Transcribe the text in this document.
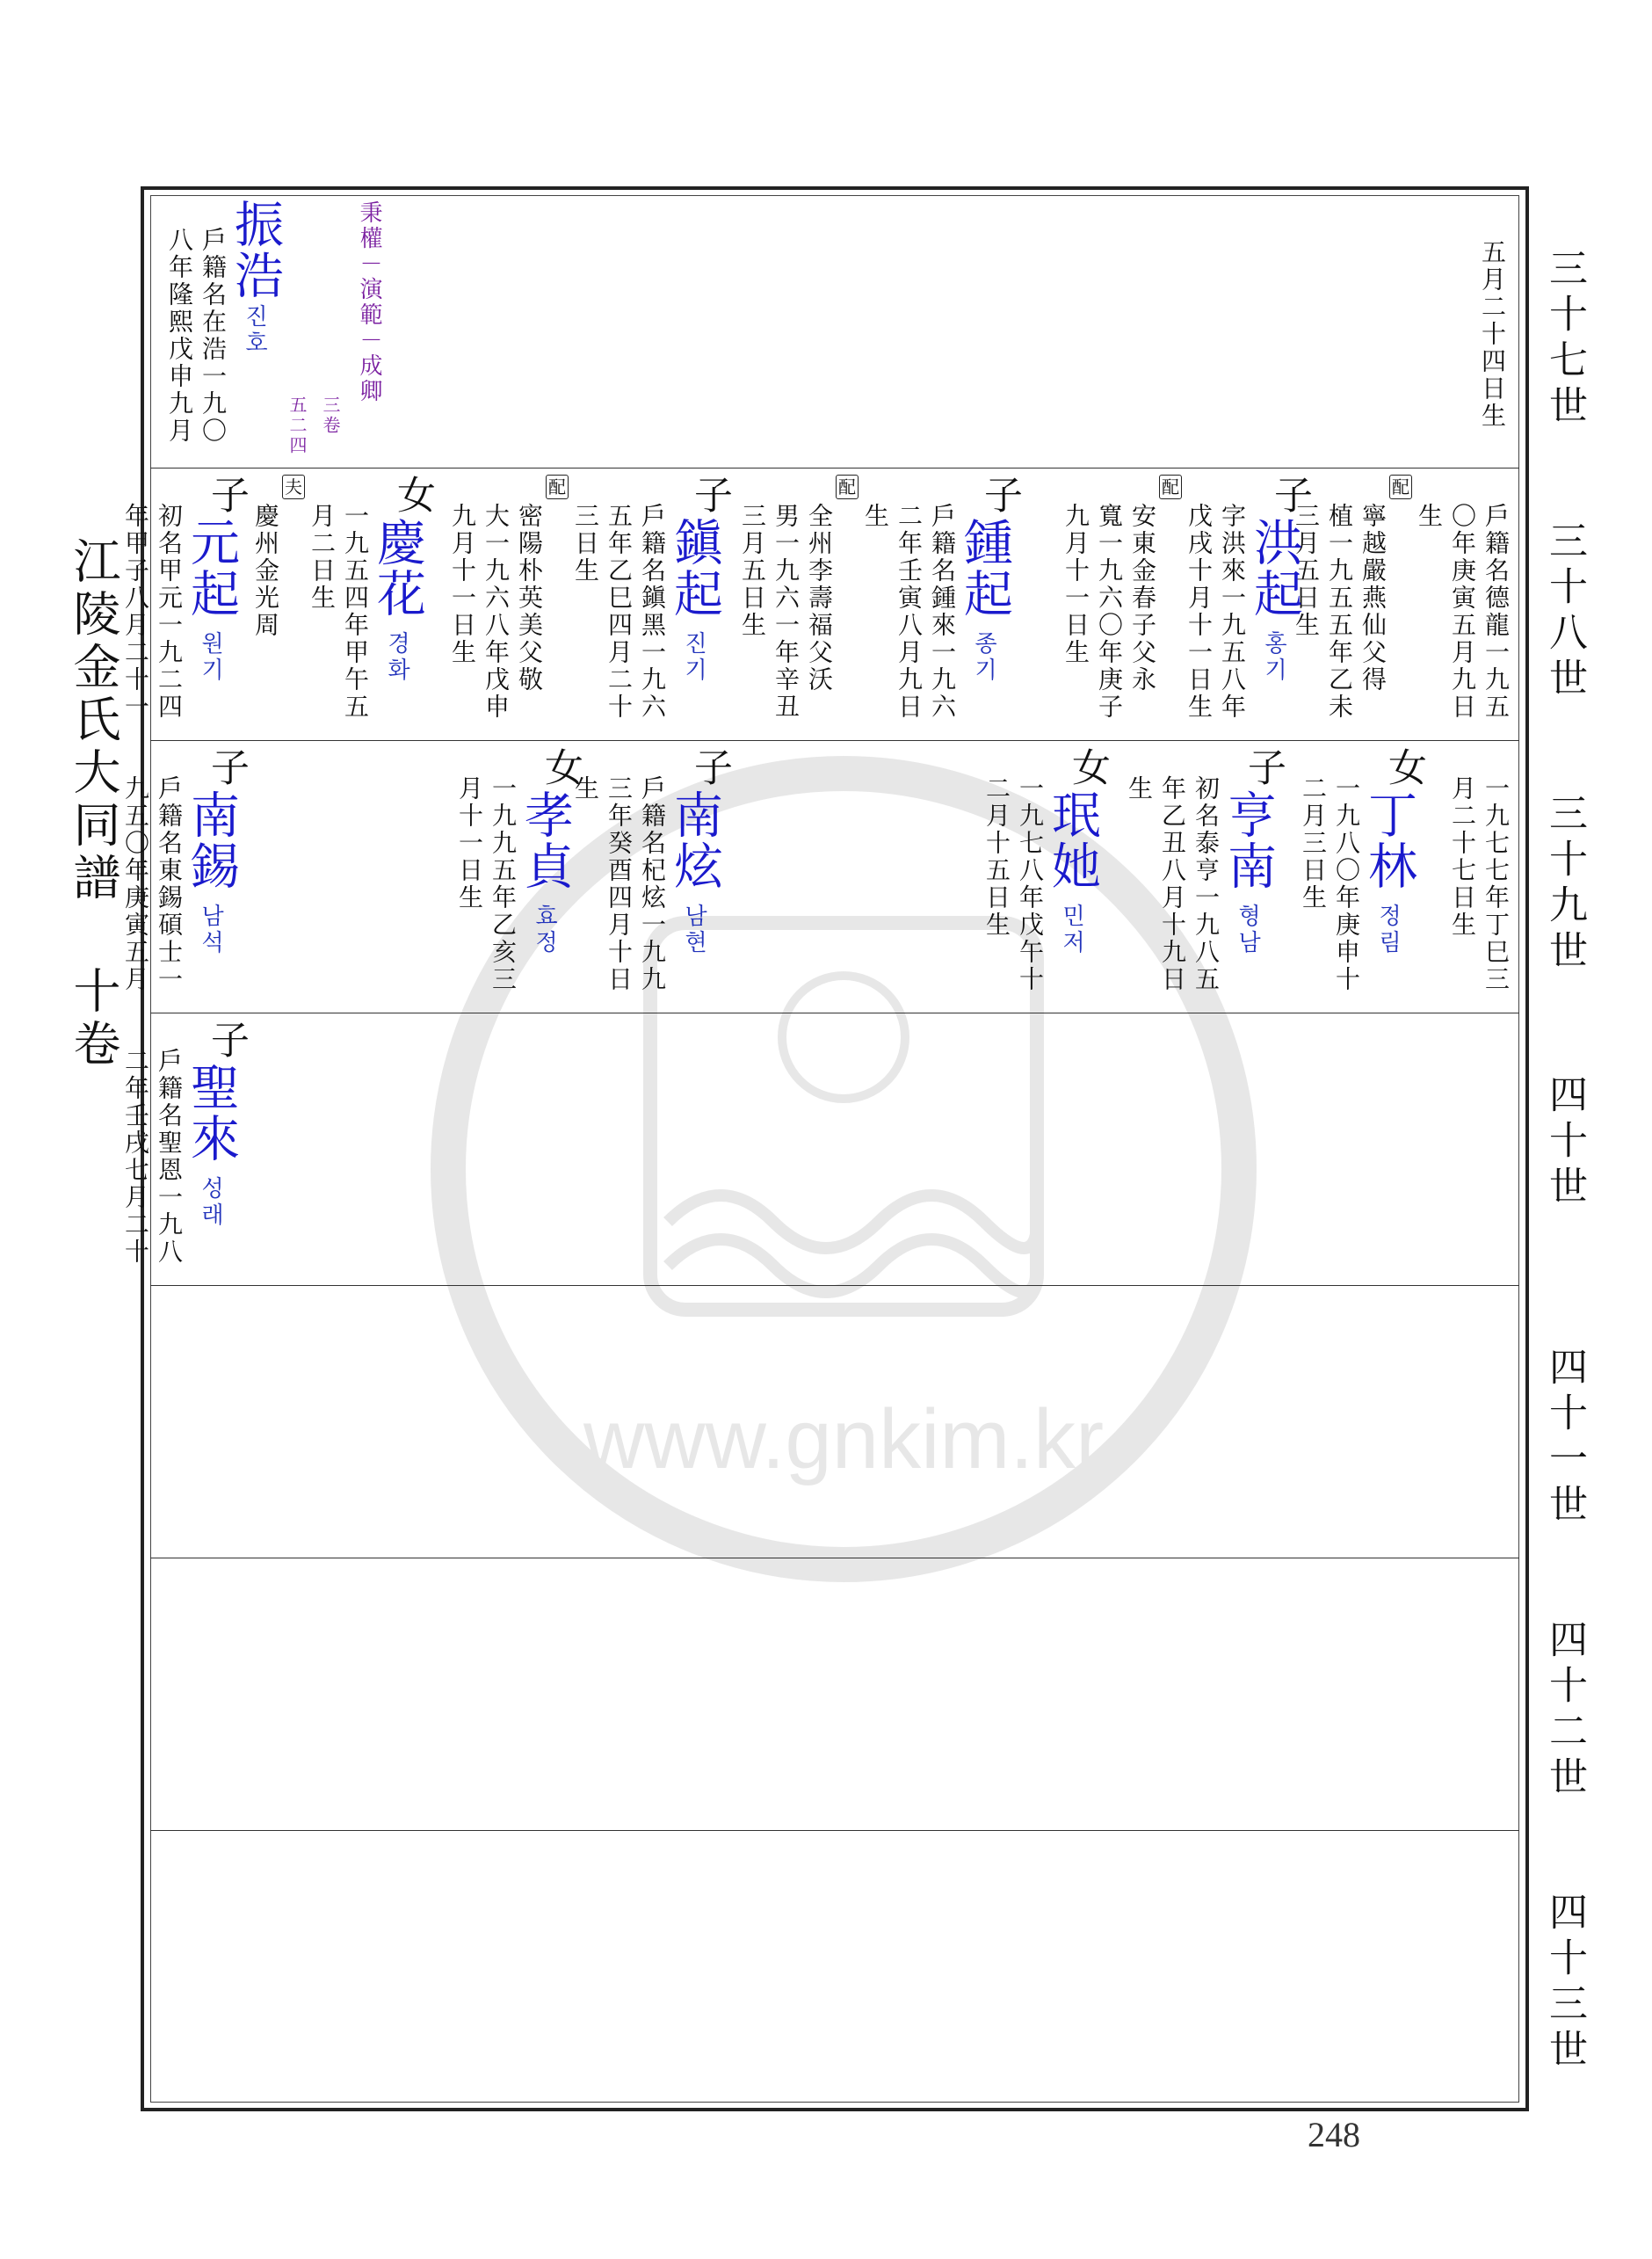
www.gnkim.kr
江陵金氏大同譜 十卷
三十七世
三十八世
三十九世
四十世
四十一世
四十二世
四十三世
五月二十四日生
秉權－演範－成卿
三卷
五二四
振浩
진호
戶籍名在浩一九〇
八年隆熙戊申九月
戶籍名德龍一九五
〇年庚寅五月九日
生
配
寧越嚴燕仙父得
植一九五五年乙未
三月五日生
子
洪起
홍기
字洪來一九五八年
戊戌十月十一日生
配
安東金春子父永
寬一九六〇年庚子
九月十一日生
子
鍾起
종기
戶籍名鍾來一九六
二年壬寅八月九日
生
配
全州李壽福父沃
男一九六一年辛丑
三月五日生
子
鎭起
진기
戶籍名鎭黑一九六
五年乙巳四月二十
三日生
配
密陽朴英美父敬
大一九六八年戊申
九月十一日生
女
慶花
경화
一九五四年甲午五
月二日生
夫
慶州金光周
子
元起
원기
初名甲元一九二四
年甲子八月二十一
一九七七年丁巳三
月二十七日生
女
丁林
정림
一九八〇年庚申十
二月三日生
子
亨南
형남
初名泰亨一九八五
年乙丑八月十九日
生
女
珉她
민저
一九七八年戊午十
二月十五日生
子
南炫
남현
戶籍名杞炫一九九
三年癸酉四月十日
生
女
孝貞
효정
一九九五年乙亥三
月十一日生
子
南錫
남석
戶籍名東錫碩士一
九五〇年庚寅五月
子
聖來
성래
戶籍名聖恩一九八
二年壬戌七月二十
248
